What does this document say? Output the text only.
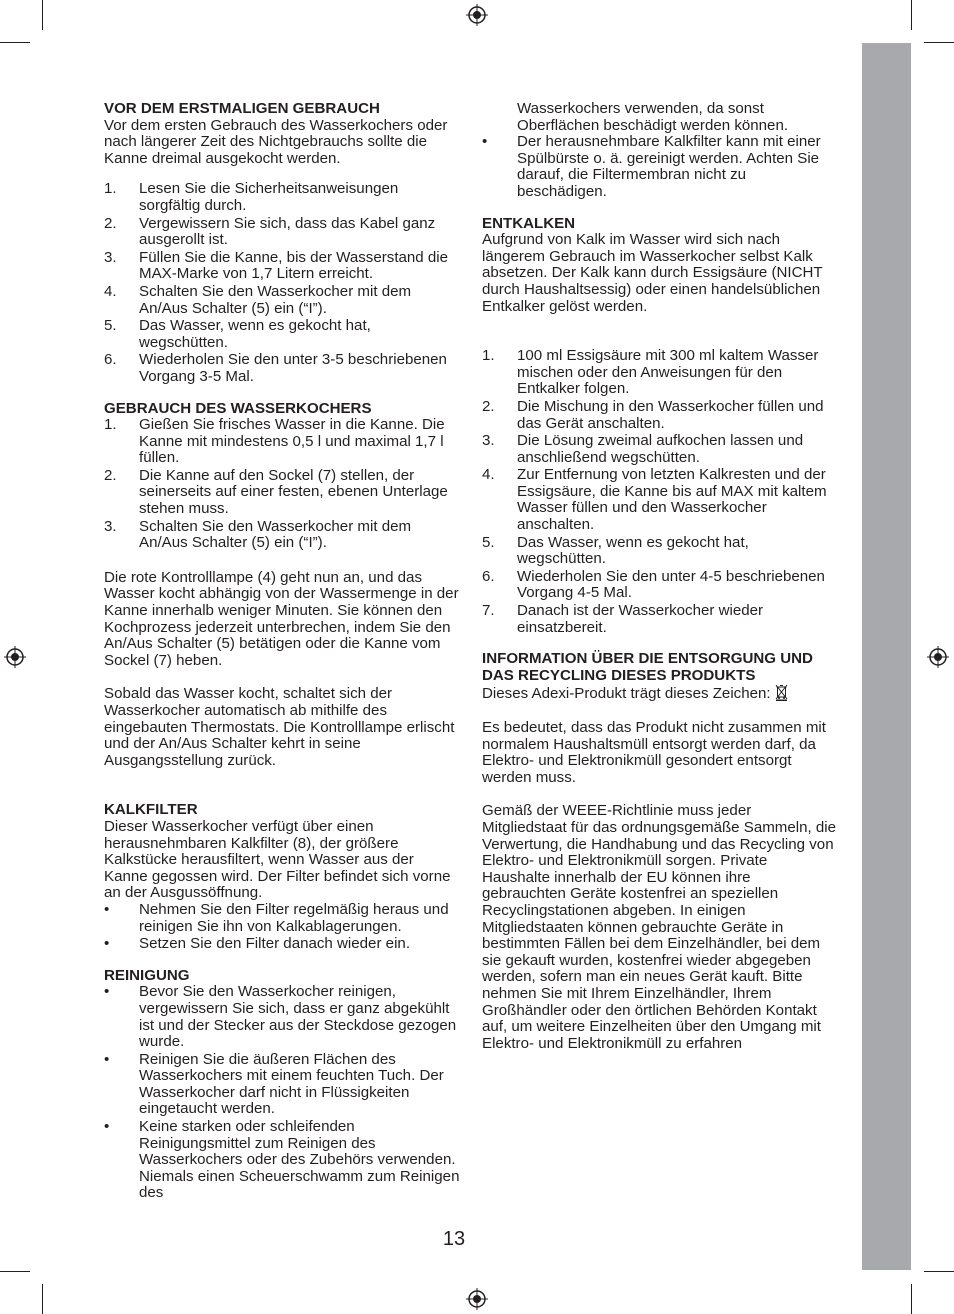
VOR DEM ERSTMALIGEN GEBRAUCH

Vor dem ersten Gebrauch des Wasserkochers oder nach längerer Zeit des Nichtgebrauchs sollte die Kanne dreimal ausgekocht werden.

1. Lesen Sie die Sicherheitsanweisungen sorgfältig durch.
2. Vergewissern Sie sich, dass das Kabel ganz ausgerollt ist.
3. Füllen Sie die Kanne, bis der Wasserstand die MAX-Marke von 1,7 Litern erreicht.
4. Schalten Sie den Wasserkocher mit dem An/Aus Schalter (5) ein (“I”).
5. Das Wasser, wenn es gekocht hat, wegschütten.
6. Wiederholen Sie den unter 3-5 beschriebenen Vorgang 3-5 Mal.
GEBRAUCH DES WASSERKOCHERS
1. Gießen Sie frisches Wasser in die Kanne. Die Kanne mit mindestens 0,5 l und maximal 1,7 l füllen.
2. Die Kanne auf den Sockel (7) stellen, der seinerseits auf einer festen, ebenen Unterlage stehen muss.
3. Schalten Sie den Wasserkocher mit dem An/Aus Schalter (5) ein (“I”).

Die rote Kontrolllampe (4) geht nun an, und das Wasser kocht abhängig von der Wassermenge in der Kanne innerhalb weniger Minuten. Sie können den Kochprozess jederzeit unterbrechen, indem Sie den An/Aus Schalter (5) betätigen oder die Kanne vom Sockel (7) heben.

Sobald das Wasser kocht, schaltet sich der Wasserkocher automatisch ab mithilfe des eingebauten Thermostats. Die Kontrolllampe erlischt und der An/Aus Schalter kehrt in seine Ausgangsstellung zurück.

KALKFILTER

Dieser Wasserkocher verfügt über einen herausnehmbaren Kalkfilter (8), der größere Kalkstücke herausfiltert, wenn Wasser aus der Kanne gegossen wird. Der Filter befindet sich vorne an der Ausgussöffnung.

• Nehmen Sie den Filter regelmäßig heraus und reinigen Sie ihn von Kalkablagerungen.
• Setzen Sie den Filter danach wieder ein.
REINIGUNG
• Bevor Sie den Wasserkocher reinigen, vergewissern Sie sich, dass er ganz abgekühlt ist und der Stecker aus der Steckdose gezogen wurde.
• Reinigen Sie die äußeren Flächen des Wasserkochers mit einem feuchten Tuch. Der Wasserkocher darf nicht in Flüssigkeiten eingetaucht werden.
• Keine starken oder schleifenden Reinigungsmittel zum Reinigen des Wasserkochers oder des Zubehörs verwenden. Niemals einen Scheuerschwamm zum Reinigen des

Wasserkochers verwenden, da sonst Oberflächen beschädigt werden können.

• Der herausnehmbare Kalkfilter kann mit einer Spülbürste o. ä. gereinigt werden. Achten Sie darauf, die Filtermembran nicht zu beschädigen.
ENTKALKEN

Aufgrund von Kalk im Wasser wird sich nach längerem Gebrauch im Wasserkocher selbst Kalk absetzen. Der Kalk kann durch Essigsäure (NICHT durch Haushaltsessig) oder einen handelsüblichen Entkalker gelöst werden.

1. 100 ml Essigsäure mit 300 ml kaltem Wasser mischen oder den Anweisungen für den Entkalker folgen.
2. Die Mischung in den Wasserkocher füllen und das Gerät anschalten.
3. Die Lösung zweimal aufkochen lassen und anschließend wegschütten.
4. Zur Entfernung von letzten Kalkresten und der Essigsäure, die Kanne bis auf MAX mit kaltem Wasser füllen und den Wasserkocher anschalten.
5. Das Wasser, wenn es gekocht hat, wegschütten.
6. Wiederholen Sie den unter 4-5 beschriebenen Vorgang 4-5 Mal.
7. Danach ist der Wasserkocher wieder einsatzbereit.
INFORMATION ÜBER DIE ENTSORGUNG UND DAS RECYCLING DIESES PRODUKTS

Dieses Adexi-Produkt trägt dieses Zeichen:

Es bedeutet, dass das Produkt nicht zusammen mit normalem Haushaltsmüll entsorgt werden darf, da Elektro- und Elektronikmüll gesondert entsorgt werden muss.

Gemäß der WEEE-Richtlinie muss jeder Mitgliedstaat für das ordnungsgemäße Sammeln, die Verwertung, die Handhabung und das Recycling von Elektro- und Elektronikmüll sorgen. Private Haushalte innerhalb der EU können ihre gebrauchten Geräte kostenfrei an speziellen Recyclingstationen abgeben. In einigen Mitgliedstaaten können gebrauchte Geräte in bestimmten Fällen bei dem Einzelhändler, bei dem sie gekauft wurden, kostenfrei wieder abgegeben werden, sofern man ein neues Gerät kauft. Bitte nehmen Sie mit Ihrem Einzelhändler, Ihrem Großhändler oder den örtlichen Behörden Kontakt auf, um weitere Einzelheiten über den Umgang mit Elektro- und Elektronikmüll zu erfahren

13
